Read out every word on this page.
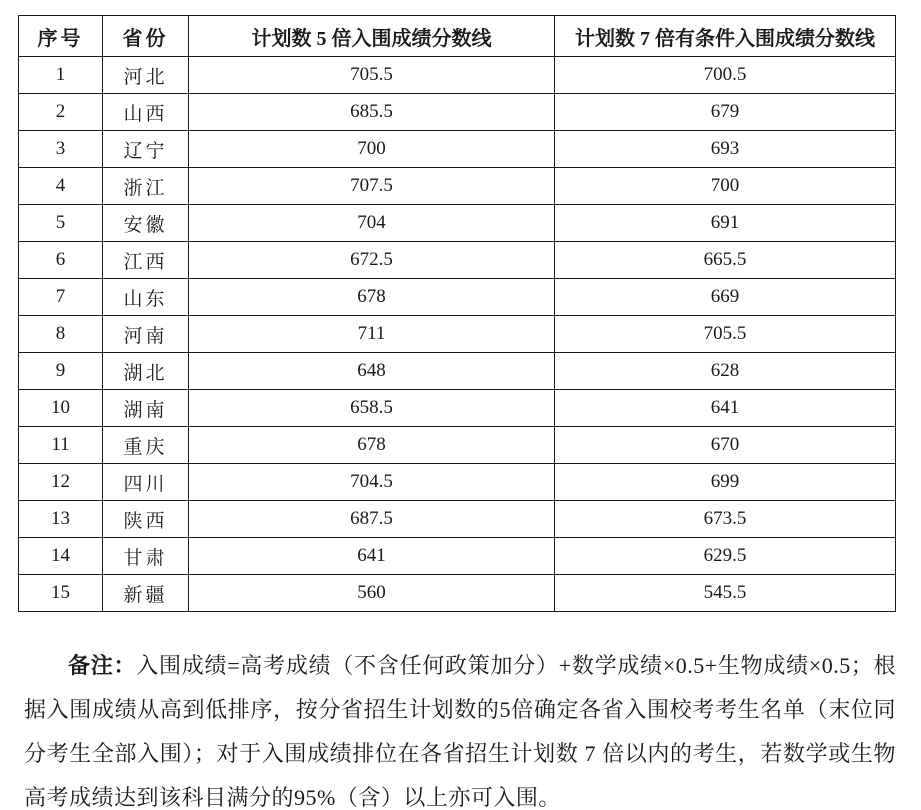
序号	省份	计划数 5 倍入围成绩分数线	计划数 7 倍有条件入围成绩分数线
1	河北	705.5	700.5
2	山西	685.5	679
3	辽宁	700	693
4	浙江	707.5	700
5	安徽	704	691
6	江西	672.5	665.5
7	山东	678	669
8	河南	711	705.5
9	湖北	648	628
10	湖南	658.5	641
11	重庆	678	670
12	四川	704.5	699
13	陕西	687.5	673.5
14	甘肃	641	629.5
15	新疆	560	545.5

备注：入围成绩=高考成绩（不含任何政策加分）+数学成绩×0.5+生物成绩×0.5；根据入围成绩从高到低排序，按分省招生计划数的5倍确定各省入围校考考生名单（末位同分考生全部入围）；对于入围成绩排位在各省招生计划数 7 倍以内的考生，若数学或生物高考成绩达到该科目满分的95%（含）以上亦可入围。
